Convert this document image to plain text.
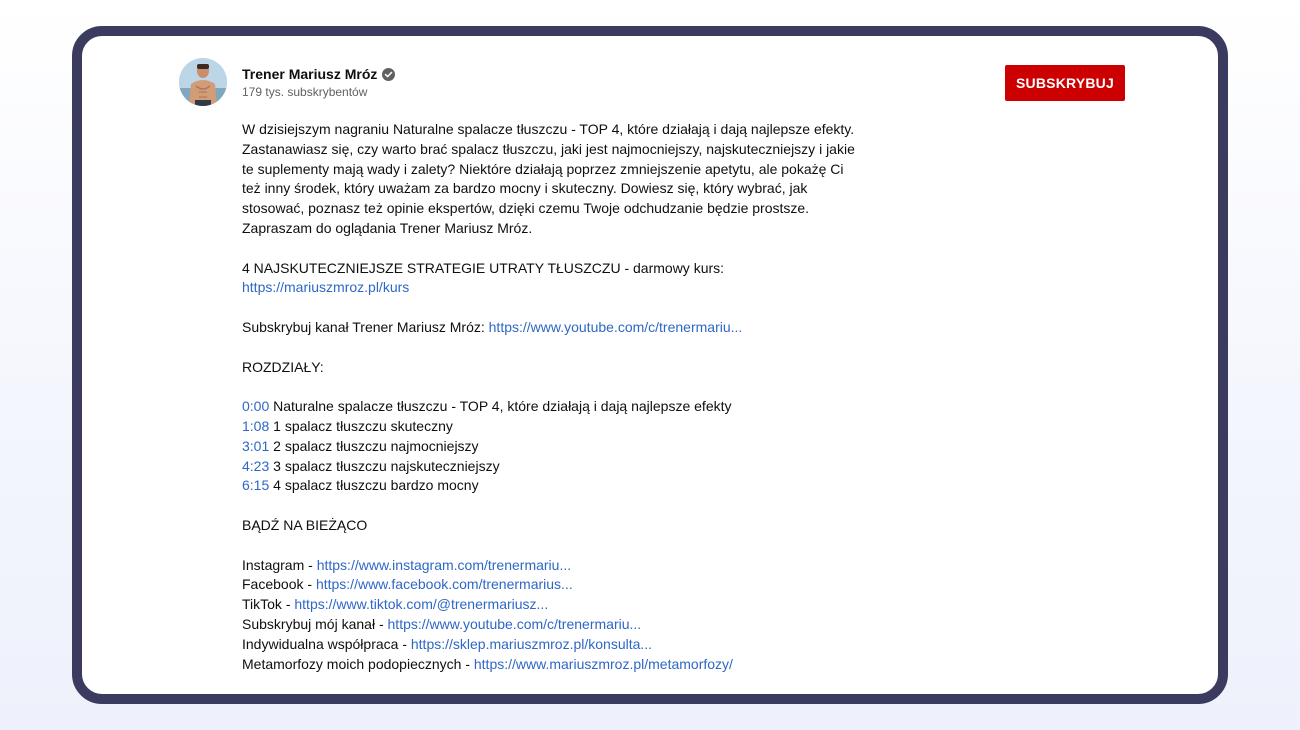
Trener Mariusz Mróz
179 tys. subskrybentów
SUBSKRYBUJ
W dzisiejszym nagraniu Naturalne spalacze tłuszczu - TOP 4, które działają i dają najlepsze efekty.
Zastanawiasz się, czy warto brać spalacz tłuszczu, jaki jest najmocniejszy, najskuteczniejszy i jakie
te suplementy mają wady i zalety? Niektóre działają poprzez zmniejszenie apetytu, ale pokażę Ci
też inny środek, który uważam za bardzo mocny i skuteczny. Dowiesz się, który wybrać, jak
stosować, poznasz też opinie ekspertów, dzięki czemu Twoje odchudzanie będzie prostsze.
Zapraszam do oglądania Trener Mariusz Mróz.
4 NAJSKUTECZNIEJSZE STRATEGIE UTRATY TŁUSZCZU - darmowy kurs:
https://mariuszmroz.pl/kurs
Subskrybuj kanał Trener Mariusz Mróz: https://www.youtube.com/c/trenermariu...
ROZDZIAŁY:
0:00 Naturalne spalacze tłuszczu - TOP 4, które działają i dają najlepsze efekty
1:08 1 spalacz tłuszczu skuteczny
3:01 2 spalacz tłuszczu najmocniejszy
4:23 3 spalacz tłuszczu najskuteczniejszy
6:15 4 spalacz tłuszczu bardzo mocny
BĄDŹ NA BIEŻĄCO
Instagram - https://www.instagram.com/trenermariu...
Facebook - https://www.facebook.com/trenermarius...
TikTok - https://www.tiktok.com/@trenermariusz...
Subskrybuj mój kanał - https://www.youtube.com/c/trenermariu...
Indywidualna współpraca - https://sklep.mariuszmroz.pl/konsulta...
Metamorfozy moich podopiecznych - https://www.mariuszmroz.pl/metamorfozy/
